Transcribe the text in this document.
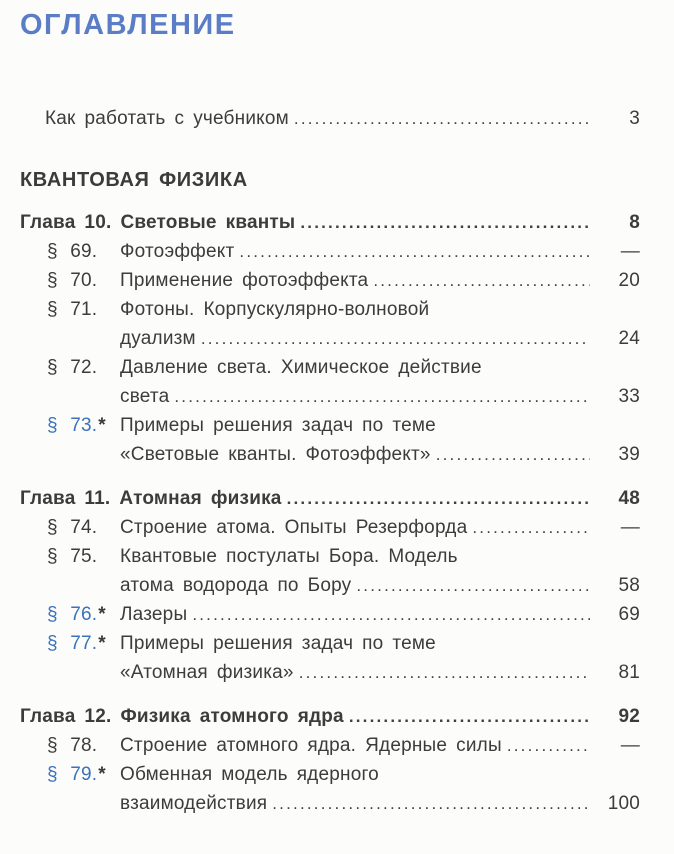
ОГЛАВЛЕНИЕ
Как работать с учебником .....	3
КВАНТОВАЯ ФИЗИКА
Глава 10. Световые кванты .....	8
§ 69.	Фотоэффект .....	—
§ 70.	Применение фотоэффекта .....	20
§ 71.	Фотоны. Корпускулярно-волновой
дуализм .....	24
§ 72.	Давление света. Химическое действие
света .....	33
§ 73.* Примеры решения задач по теме
«Световые кванты. Фотоэффект» .....	39
Глава 11. Атомная физика .....	48
§ 74.	Строение атома. Опыты Резерфорда .....	—
§ 75.	Квантовые постулаты Бора. Модель
атома водорода по Бору .....	58
§ 76.* Лазеры .....	69
§ 77.* Примеры решения задач по теме
«Атомная физика» .....	81
Глава 12. Физика атомного ядра .....	92
§ 78.	Строение атомного ядра. Ядерные силы .....	—
§ 79.* Обменная модель ядерного
взаимодействия .....	100
